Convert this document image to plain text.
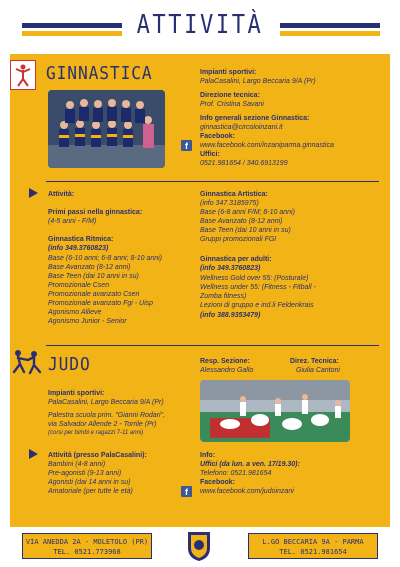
ATTIVITÀ
GINNASTICA	Impianti sportivi:
PalaCasalini, Largo Beccaria 9/A (Pr)
Direzione tecnica:
Prof. Cristina Savani
Info generali sezione Ginnastica:
ginnastica@circoloinzani.it
f
Facebook:
www.facebook.com/inzaniparma.ginnastica
Uffici:
0521.981654 / 340.6913199
Attività:
Primi passi nella ginnastica:
(4-5 anni - F/M)
Ginnastica Ritmica:
(info 349.3760823)
Base (6-10 anni; 6-8 anni; 8-10 anni)
Base Avanzato (8-12 anni)
Base Teen (dai 10 anni in su)
Promozionale Csen
Promozionale avanzato Csen
Promozionale avanzato Fgi - Uisp
Agonismo Allieve
Agonismo Junior - Senior
Ginnastica Artistica:
(info 347.3185975)
Base (6-8 anni F/M; 8-10 anni)
Base Avanzato (8-12 anni)
Base Teen (dai 10 anni in su)
Gruppi promozionali FGI
Ginnastica per adulti:
(info 349.3760823)
Wellness Gold over 55: (Posturale)
Wellness under 55: (Fitness - Fitball -
Zumba fitness)
Lezioni di gruppo e ind.li Feldenkrais
(info 388.9353479)
JUDO	Resp. Sezione:
Alessandro Gallo
Direz. Tecnica:
Giulia Cantoni
Impianti sportivi:
PalaCasalini, Largo Beccaria 9/A (Pr)
Palestra scuola prim. "Gianni Rodari",
via Salvador Allende 2 - Torrile (Pr)
(corsi per bimbi e ragazzi 7-11 anni)
Attività (presso PalaCasalini):
Bambini (4-8 anni)
Pre-agonisti (9-13 anni)
Agonisti (dai 14 anni in su)
Amatoriale (per tutte le età)
Info:
Uffici (da lun. a ven. 17/19.30):
Telefono: 0521.981654
Facebook:
f	www.facebook.com/judoinzani
VIA ANEDDA 2A - MOLETOLO (PR)
TEL. 0521.773968
L.GO BECCARIA 9A - PARMA
TEL. 0521.981654
